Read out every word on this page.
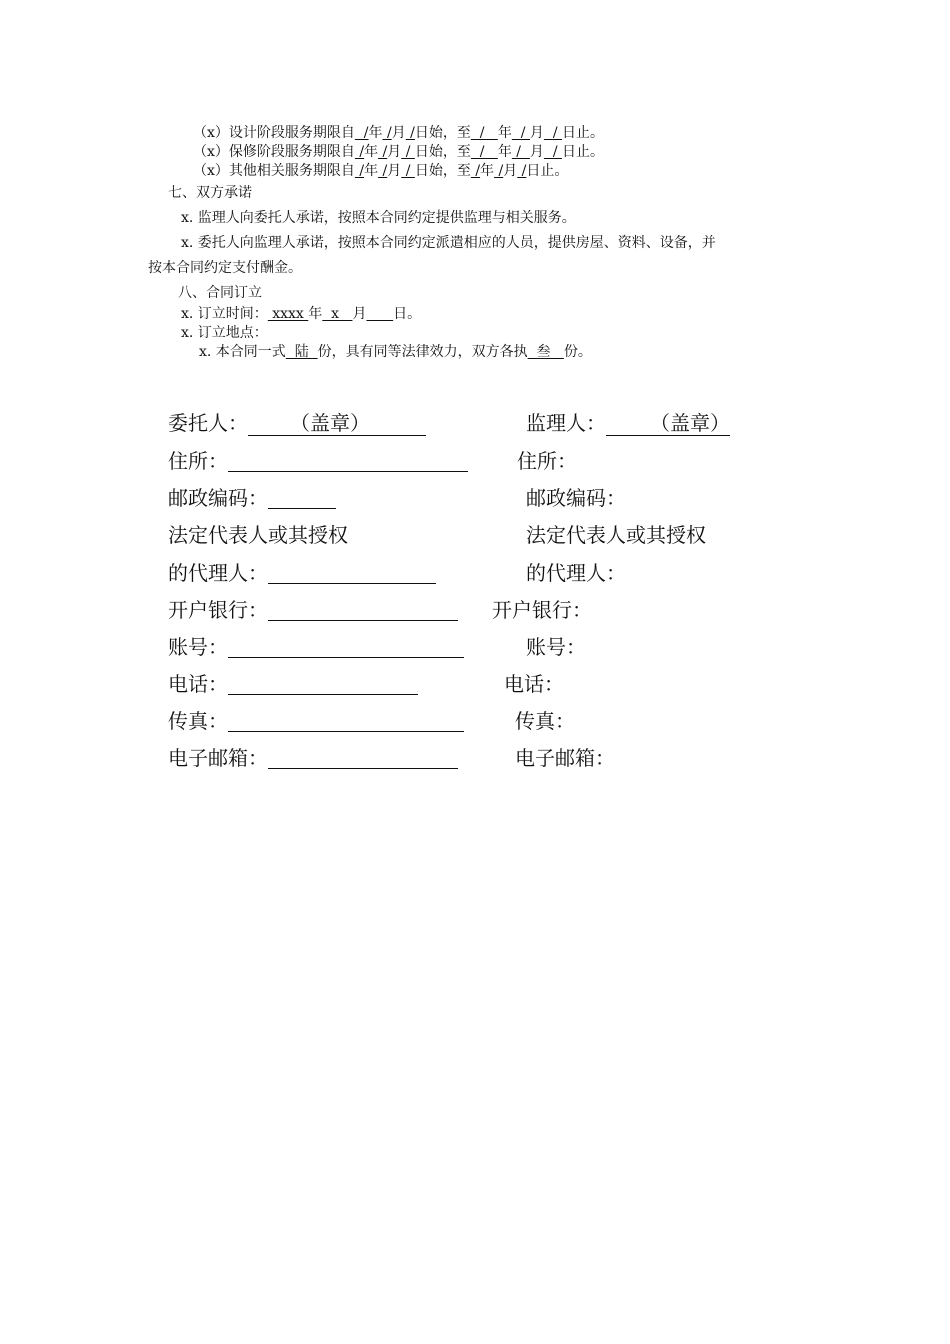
（x）设计阶段服务期限自  /年 /月 /日始，至  /   年  / 月  / 日止。
（x）保修阶段服务期限自 /年 /月 / 日始，至  /   年 /  月  / 日止。
（x）其他相关服务期限自 /年 /月 / 日始，至 /年 /月 /日止。
七、双方承诺
x. 监理人向委托人承诺，按照本合同约定提供监理与相关服务。
x. 委托人向监理人承诺，按照本合同约定派遣相应的人员，提供房屋、资料、设备，并
按本合同约定支付酬金。
八、合同订立
x. 订立时间： xxxx 年  x   月 日。
x. 订立地点：
x. 本合同一式  陆  份，具有同等法律效力，双方各执  叁   份。
委托人： （盖章）
住所：
邮政编码：
法定代表人或其授权
的代理人：
开户银行：
账号：
电话：
传真：
电子邮箱：
监理人： （盖章）
住所：
邮政编码：
法定代表人或其授权
的代理人：
开户银行：
账号：
电话：
传真：
电子邮箱：
